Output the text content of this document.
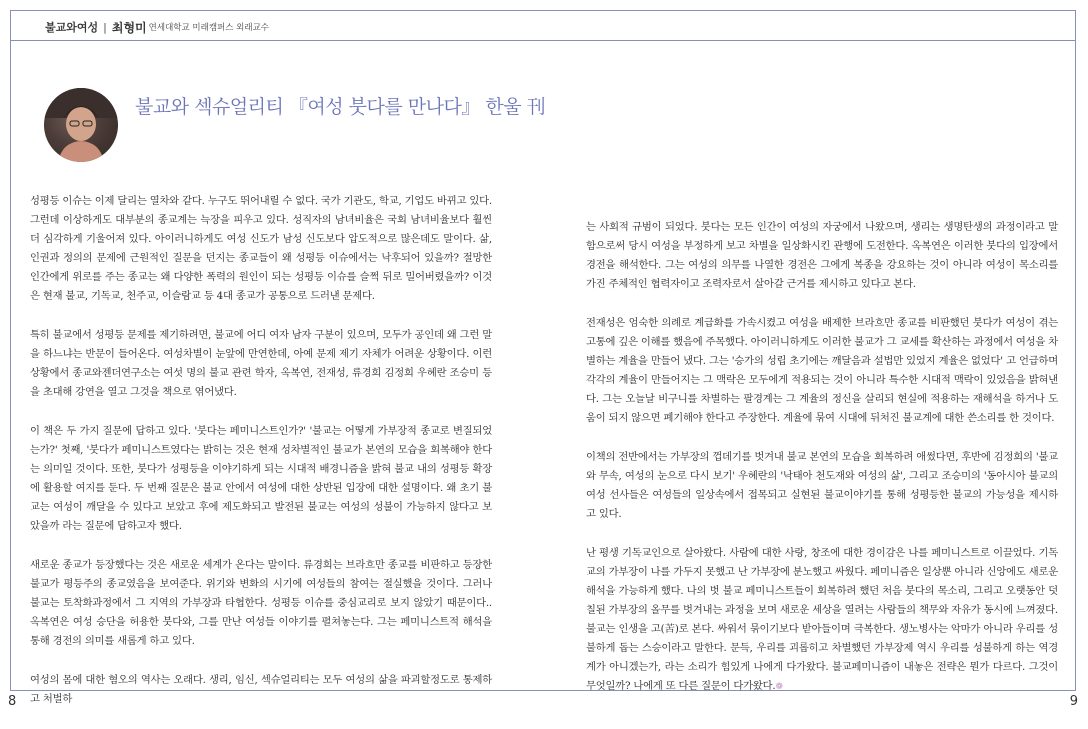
불교와여성 | 최형미 연세대학교 미래캠퍼스 외래교수
불교와 섹슈얼리티 『여성 붓다를 만나다』 한울 刊

성평등 이슈는 이제 달리는 열차와 같다. 누구도 뛰어내릴 수 없다. 국가 기관도, 학교, 기업도 바뀌고 있다. 그런데 이상하게도 대부분의 종교계는 늑장을 피우고 있다. 성직자의 남녀비율은 국회 남녀비율보다 훨씬 더 심각하게 기울어져 있다. 아이러니하게도 여성 신도가 남성 신도보다 압도적으로 많은데도 말이다. 삶, 인권과 정의의 문제에 근원적인 질문을 던지는 종교들이 왜 성평등 이슈에서는 낙후되어 있을까? 절망한 인간에게 위로를 주는 종교는 왜 다양한 폭력의 원인이 되는 성평등 이슈를 슬쩍 뒤로 밀어버렸을까? 이것은 현재 불교, 기독교, 천주교, 이슬람교 등 4대 종교가 공통으로 드러낸 문제다.

특히 불교에서 성평등 문제를 제기하려면, 불교에 어디 여자 남자 구분이 있으며, 모두가 공인데 왜 그런 말을 하느냐는 반문이 들어온다. 여성차별이 눈앞에 만연한데, 아예 문제 제기 자체가 어려운 상황이다. 이런 상황에서 종교와젠더연구소는 여섯 명의 불교 관련 학자, 옥복연, 전재성, 류경희 김정희 우혜란 조승미 등을 초대해 강연을 열고 그것을 책으로 엮어냈다.

이 책은 두 가지 질문에 답하고 있다. '붓다는 페미니스트인가?' '불교는 어떻게 가부장적 종교로 변질되었는가?' 첫째, '붓다가 페미니스트였다는 밝히는 것은 현재 성차별적인 불교가 본연의 모습을 회복해야 한다는 의미일 것이다. 또한, 붓다가 성평등을 이야기하게 되는 시대적 배경니즘을 밝혀 불교 내의 성평등 확장에 활용할 여지를 둔다. 두 번째 질문은 불교 안에서 여성에 대한 상반된 입장에 대한 설명이다. 왜 초기 불교는 여성이 깨달을 수 있다고 보았고 후에 제도화되고 발전된 불교는 여성의 성불이 가능하지 않다고 보았을까 라는 질문에 답하고자 했다.

새로운 종교가 등장했다는 것은 새로운 세계가 온다는 말이다. 류경희는 브라흐만 종교를 비판하고 등장한 불교가 평등주의 종교였음을 보여준다. 위기와 변화의 시기에 여성들의 참여는 절실했을 것이다. 그러나 불교는 토착화과정에서 그 지역의 가부장과 타협한다. 성평등 이슈를 중심교리로 보지 않았기 때문이다.. 옥복연은 여성 승단을 허용한 붓다와, 그를 만난 여성들 이야기를 펼쳐놓는다. 그는 페미니스트적 해석을 통해 경전의 의미를 새롭게 하고 있다.

여성의 몸에 대한 혐오의 역사는 오래다. 생리, 임신, 섹슈얼리티는 모두 여성의 삶을 파괴할정도로 통제하고 처벌하

는 사회적 규범이 되었다. 붓다는 모든 인간이 여성의 자궁에서 나왔으며, 생리는 생명탄생의 과정이라고 말함으로써 당시 여성을 부정하게 보고 차별을 일상화시킨 관행에 도전한다. 옥복연은 이러한 붓다의 입장에서 경전을 해석한다. 그는 여성의 의무를 나열한 경전은 그에게 복종을 강요하는 것이 아니라 여성이 목소리를 가진 주체적인 협력자이고 조력자로서 살아갈 근거를 제시하고 있다고 본다.

전재성은 엄숙한 의례로 계급화를 가속시켰고 여성을 배제한 브라흐만 종교를 비판했던 붓다가 여성이 겪는 고통에 깊은 이해를 했음에 주목했다. 아이러니하게도 이러한 불교가 그 교세를 확산하는 과정에서 여성을 차별하는 계율을 만들어 냈다. 그는 '승가의 성립 초기에는 깨달음과 설법만 있었지 계율은 없었다' 고 언급하며 각각의 계율이 만들어지는 그 맥락은 모두에게 적용되는 것이 아니라 특수한 시대적 맥락이 있었음을 밝혀낸다. 그는 오늘날 비구니를 차별하는 팔경계는 그 계율의 정신을 살리되 현실에 적용하는 재해석을 하거나 도움이 되지 않으면 폐기해야 한다고 주장한다. 계율에 묶여 시대에 뒤처진 불교계에 대한 쓴소리를 한 것이다.

이책의 전반에서는 가부장의 껍데기를 벗겨내 불교 본연의 모습을 회복하려 애썼다면, 후반에 김정희의 '불교와 무속, 여성의 눈으로 다시 보기' 우혜란의 '낙태아 천도재와 여성의 삶', 그리고 조승미의 '동아시아 불교의 여성 선사들은 여성들의 일상속에서 접목되고 실현된 불교이야기를 통해 성평등한 불교의 가능성을 제시하고 있다.

난 평생 기독교인으로 살아왔다. 사람에 대한 사랑, 창조에 대한 경이감은 나를 페미니스트로 이끌었다. 기독교의 가부장이 나를 가두지 못했고 난 가부장에 분노했고 싸웠다. 페미니즘은 일상뿐 아니라 신앙에도 새로운 해석을 가능하게 했다. 나의 벗 불교 페미니스트들이 회복하려 했던 처음 붓다의 목소리, 그리고 오랫동안 덧칠된 가부장의 올무를 벗겨내는 과정을 보며 새로운 세상을 열려는 사람들의 책무와 자유가 동시에 느껴졌다. 불교는 인생을 고(苦)로 본다. 싸워서 묶이기보다 받아들이며 극복한다. 생노병사는 악마가 아니라 우리를 성불하게 돕는 스승이라고 말한다. 문득, 우리를 괴롭히고 차별했던 가부장제 역시 우리를 성불하게 하는 역경계가 아니겠는가, 라는 소리가 힘있게 나에게 다가왔다. 불교페미니즘이 내놓은 전략은 뭔가 다르다. 그것이 무엇일까? 나에게 또 다른 질문이 다가왔다.❁

8	9
